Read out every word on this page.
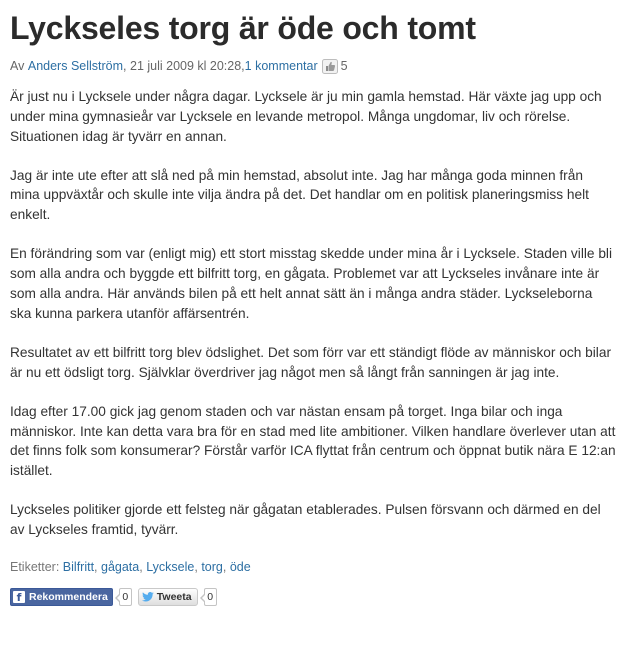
Lyckseles torg är öde och tomt
Av
Anders Sellström , 21 juli 2009 kl 20:28, 1 kommentar 5

Är just nu i Lycksele under några dagar. Lycksele är ju min gamla hemstad. Här växte jag upp och under mina gymnasieår var Lycksele en levande metropol. Många ungdomar, liv och rörelse. Situationen idag är tyvärr en annan.

Jag är inte ute efter att slå ned på min hemstad, absolut inte. Jag har många goda minnen från mina uppväxtår och skulle inte vilja ändra på det. Det handlar om en politisk planeringsmiss helt enkelt.

En förändring som var (enligt mig) ett stort misstag skedde under mina år i Lycksele. Staden ville bli som alla andra och byggde ett bilfritt torg, en gågata. Problemet var att Lyckseles invånare inte är som alla andra. Här används bilen på ett helt annat sätt än i många andra städer. Lyckseleborna ska kunna parkera utanför affärsentrén.

Resultatet av ett bilfritt torg blev ödslighet. Det som förr var ett ständigt flöde av människor och bilar är nu ett ödsligt torg. Självklar överdriver jag något men så långt från sanningen är jag inte.

Idag efter 17.00 gick jag genom staden och var nästan ensam på torget. Inga bilar och inga människor. Inte kan detta vara bra för en stad med lite ambitioner. Vilken handlare överlever utan att det finns folk som konsumerar? Förstår varför ICA flyttat från centrum och öppnat butik nära E 12:an istället.

Lyckseles politiker gjorde ett felsteg när gågatan etablerades. Pulsen försvann och därmed en del av Lyckseles framtid, tyvärr.

Etiketter: Bilfritt, gågata, Lycksele, torg, öde
f Rekommendera	0	Tweeta	0
